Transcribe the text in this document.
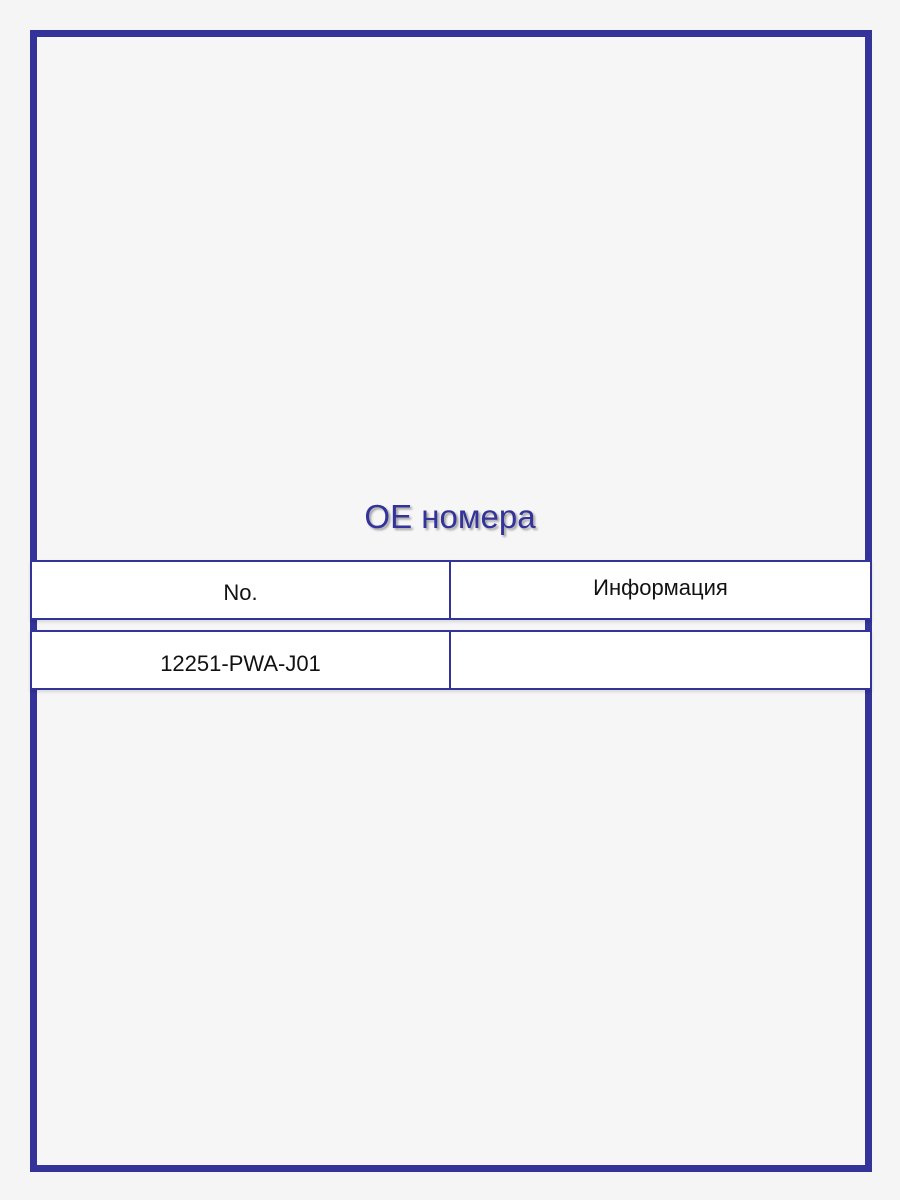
OE номера
No.	Информация
12251-PWA-J01
